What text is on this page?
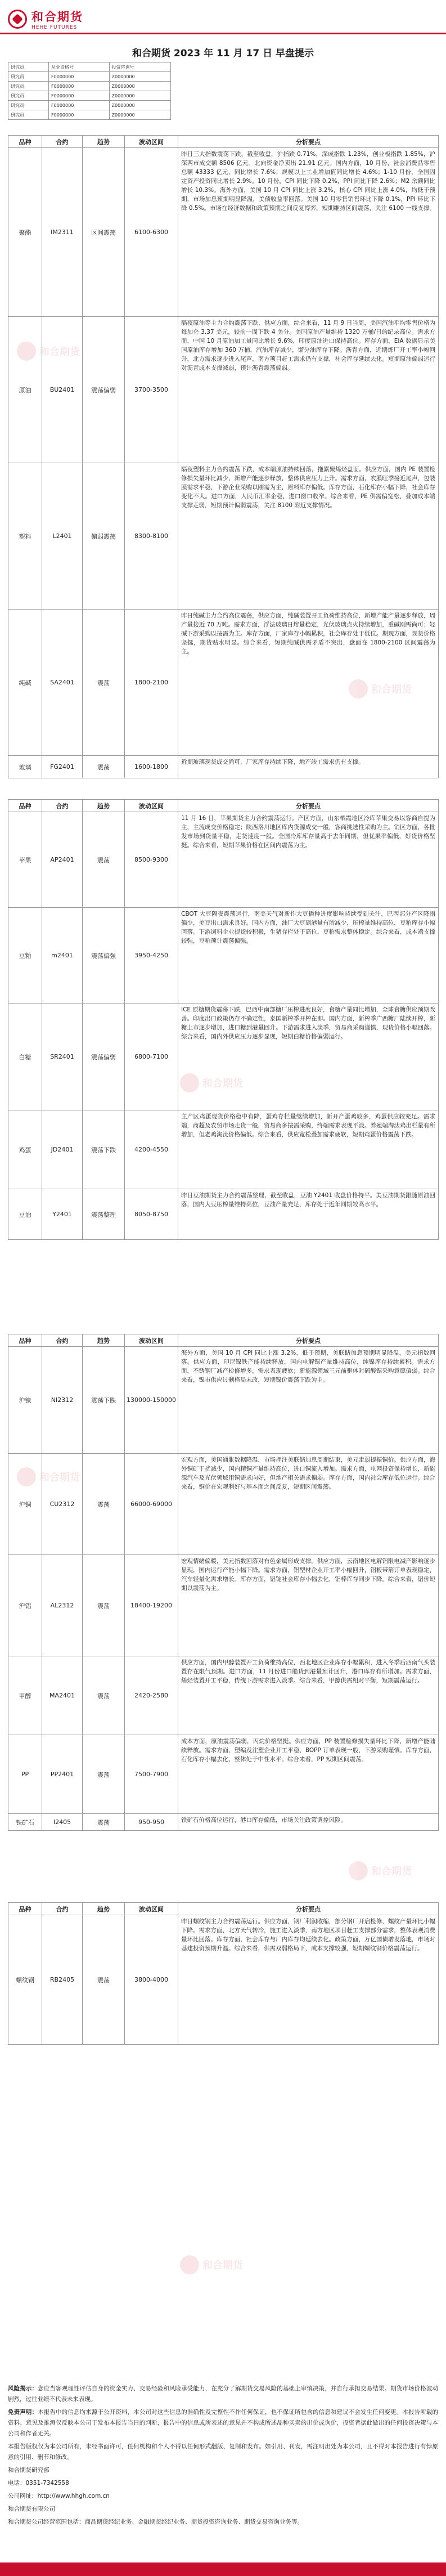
和合期货
和合期货
和合期货
和合期货
和合期货
和合期货
和合期货
HEHE FUTURES
和合期货 2023 年 11 月 17 日 早盘提示
研究员	从业资格号	投资咨询号
研究员	F0000000	Z0000000
研究员	F0000000	Z0000000
研究员	F0000000	Z0000000
研究员	F0000000	Z0000000
研究员	F0000000	Z0000000
品种	合约	趋势	波动区间	分析要点
聚酯	IM2311	区间震荡	6100-6300	昨日三大指数震荡下跌，截至收盘，沪指跌 0.71%，深成指跌 1.23%，创业板指跌 1.85%，沪深两市成交额 8506 亿元。北向资金净卖出 21.91 亿元。国内方面，10 月份，社会消费品零售总额 43333 亿元，同比增长 7.6%；规模以上工业增加值同比增长 4.6%；1-10 月份，全国固定资产投资同比增长 2.9%。10 月份，CPI 同比下降 0.2%，PPI 同比下降 2.6%；M2 余额同比增长 10.3%。海外方面，美国 10 月 CPI 同比上涨 3.2%，核心 CPI 同比上涨 4.0%，均低于预期，市场加息预期明显降温，美债收益率回落。美国 10 月零售销售环比下降 0.1%，PPI 环比下降 0.5%。市场在经济数据和政策预期之间反复博弈，短期维持区间震荡，关注 6100 一线支撑。
原油	BU2401	震荡偏弱	3700-3500	隔夜原油等主力合约震荡下跌，供应方面，综合来看，11 月 9 日当周，美国汽油平均零售价格为每加仑 3.37 美元，较前一周下跌 4 美分。美国原油产量维持 1320 万桶/日的纪录高位。需求方面，中国 10 月原油加工量同比增长 9.6%，印度原油进口保持高位。库存方面，EIA 数据显示美国原油库存增加 360 万桶，汽油库存减少，馏分油库存下降。沥青方面，近期炼厂开工率小幅回升，北方需求逐步进入尾声，南方项目赶工需求仍有支撑，社会库存延续去化。短期原油偏弱运行对沥青成本支撑减弱，预计沥青震荡偏弱。
塑料	L2401	偏弱震荡	8300-8100	隔夜塑料主力合约震荡下跌，成本端原油持续回落，拖累聚烯烃盘面。供应方面，国内 PE 装置检修损失量环比减少，新增产能逐步释放，整体供应压力上升。需求方面，农膜旺季接近尾声，包装膜需求平稳，下游企业采购以刚需为主，原料库存偏低。库存方面，石化库存小幅下降，社会库存变化不大。进口方面，人民币汇率企稳，进口窗口收窄。综合来看，PE 供需偏宽松，叠加成本端支撑走弱，短期预计偏弱震荡，关注 8100 附近支撑情况。
纯碱	SA2401	震荡	1800-2100	昨日纯碱主力合约高位震荡，供应方面，纯碱装置开工负荷维持高位，新增产能产量逐步释放，周产量接近 70 万吨。需求方面，浮法玻璃日熔量稳定，光伏玻璃点火持续增加，重碱刚需尚可；轻碱下游采购以按需为主。库存方面，厂家库存小幅累积，社会库存处于低位。期现方面，现货价格坚挺，期货贴水明显。综合来看，短期纯碱供需矛盾不突出，盘面在 1800-2100 区间震荡为主。
玻璃	FG2401	震荡	1600-1800	近期玻璃现货成交尚可，厂家库存持续下降，地产竣工需求仍有支撑。
品种	合约	趋势	波动区间	分析要点
苹果	AP2401	震荡	8500-9300	11 月 16 日，苹果期货主力合约震荡运行。产区方面，山东栖霞地区冷库苹果交易以客商自提为主，主流成交价格稳定；陕西洛川地区库内货源成交一般，客商挑选性采购为主。销区方面，各批发市场到货量平稳，走货速度一般。全国冷库库存量高于去年同期，但优果率偏低，好货价格坚挺。综合来看，短期苹果价格在区间内震荡为主。
豆粕	m2401	震荡偏强	3950-4250	CBOT 大豆隔夜震荡运行，南美天气对新作大豆播种进度影响持续受到关注，巴西部分产区降雨偏少，美豆出口需求良好。国内方面，油厂大豆到港量有所减少，压榨量维持高位，豆粕库存小幅回落。下游饲料企业提货较积极，生猪存栏处于高位，豆粕需求整体稳定。综合来看，成本端支撑较强，豆粕预计震荡偏强。
白糖	SR2401	震荡偏弱	6800-7100	ICE 原糖期货震荡下跌，巴西中南部糖厂压榨进度良好，食糖产量同比增加，全球食糖供应预期改善。印度出口政策仍存不确定性，泰国新榨季开榨在即。国内方面，新榨季广西糖厂陆续开榨，新糖上市逐步增加，进口糖到港量回升。下游需求进入淡季，贸易商采购谨慎，现货价格小幅回落。综合来看，国内外供应压力逐步显现，短期白糖价格偏弱运行。
鸡蛋	JD2401	震荡下跌	4200-4550	主产区鸡蛋现货价格稳中有降，蛋鸡存栏量继续增加，新开产蛋鸡较多，鸡蛋供应较充足。需求端，商超及农贸市场走货一般，贸易商多按需采购，终端需求表现平淡。养殖端淘汰鸡出栏量有所增加，但老鸡淘汰价格偏低。综合来看，供应宽松叠加需求疲软，短期鸡蛋价格震荡下跌。
豆油	Y2401	震荡整理	8050-8750	昨日豆油期货主力合约震荡整理，截至收盘，豆油 Y2401 收盘价格持平。美豆油期货跟随原油回落，国内大豆压榨量维持高位，豆油产量充足，库存处于近年同期较高水平。
品种	合约	趋势	波动区间	分析要点
沪镍	NI2312	震荡下跌	130000-150000	海外方面，美国 10 月 CPI 同比上涨 3.2%，低于预期，美联储加息预期明显降温，美元指数回落。供应方面，印尼镍铁产能持续释放，国内电解镍产量维持高位，纯镍库存持续累积。需求方面，不锈钢厂减产检修增多，需求表现疲软；新能源领域三元前驱体对硫酸镍采购意愿偏弱。综合来看，镍市供应过剩格局未改，短期镍价震荡下跌为主。
沪铜	CU2312	震荡	66000-69000	宏观方面，美国通胀数据降温，市场押注美联储加息周期结束，美元走弱提振铜价。供应方面，海外铜矿干扰减少，国内精铜产量维持高位，进口铜流入增加。需求方面，电网投资保持增长，新能源汽车及光伏领域用铜需求向好，但地产相关需求偏弱。库存方面，国内社会库存低位运行。综合来看，铜价在宏观利好与基本面之间反复，短期区间震荡。
沪铝	AL2312	震荡	18400-19200	宏观情绪偏暖，美元指数回落对有色金属形成支撑。供应方面，云南地区电解铝限电减产影响逐步显现，国内运行产能小幅下降。需求方面，铝型材企业开工率小幅回升，铝板带箔订单表现稳定，汽车轻量化需求增长。库存方面，铝锭社会库存小幅去化，铝棒库存同步下降。综合来看，铝价短期以震荡为主。
甲醇	MA2401	震荡	2420-2580	供应方面，国内甲醇装置开工负荷维持高位，西北地区企业库存小幅累积，进入冬季后西南气头装置存在限气预期。进口方面，11 月份进口船货到港量预计回升，港口库存有所增加。需求方面，烯烃装置开工平稳，传统下游需求进入淡季。综合来看，甲醇供需相对平衡，短期震荡运行。
PP	PP2401	震荡	7500-7900	成本方面，原油震荡偏弱，丙烷价格坚挺。供应方面，PP 装置检修损失量环比下降，新增产能陆续释放。需求方面，塑编及注塑企业开工平稳，BOPP 订单表现一般，下游采购谨慎。库存方面，石化库存小幅去化，整体处于中性水平。综合来看，PP 短期区间震荡。
铁矿石	I2405	震荡	950-950	铁矿石价格高位运行，港口库存偏低，市场关注政策调控风险。
品种	合约	趋势	波动区间	分析要点
螺纹钢	RB2405	震荡	3800-4000	昨日螺纹钢主力合约震荡运行。供应方面，钢厂利润收缩，部分钢厂开启检修，螺纹产量环比小幅下降。需求方面，北方天气转冷，施工进入淡季，南方地区项目赶工支撑部分需求，整体表观消费量环比回落。库存方面，社会库存与厂内库存均延续去化。政策方面，万亿国债增发落地，市场对基建投资预期升温。综合来看，供需双弱格局下，成本支撑较强，短期螺纹钢价格震荡运行。

风险揭示：您应当客观理性评估自身的资金实力、交易经验和风险承受能力，在充分了解期货交易风险的基础上审慎决策，并自行承担交易结果。期货市场价格波动剧烈，过往业绩不代表未来表现。

免责声明：本报告中的信息均来源于公开资料，本公司对这些信息的准确性及完整性不作任何保证，也不保证所包含的信息和建议不会发生任何变更。本报告所载的资料、意见及推测仅反映本公司于发布本报告当日的判断，报告中的信息或所表述的意见并不构成所述品种买卖的出价或询价，投资者据此做出的任何投资决策与本公司和作者无关。

本报告版权仅为本公司所有，未经书面许可，任何机构和个人不得以任何形式翻版、复制和发布。如引用、刊发，需注明出处为本公司，且不得对本报告进行有悖原意的引用、删节和修改。

和合期货研究部

电话：0351-7342558

公司网址：http://www.hhgh.com.cn

和合期货有限公司

和合期货公司经营范围包括：商品期货经纪业务、金融期货经纪业务、期货投资咨询业务、期货交易咨询业务等。
